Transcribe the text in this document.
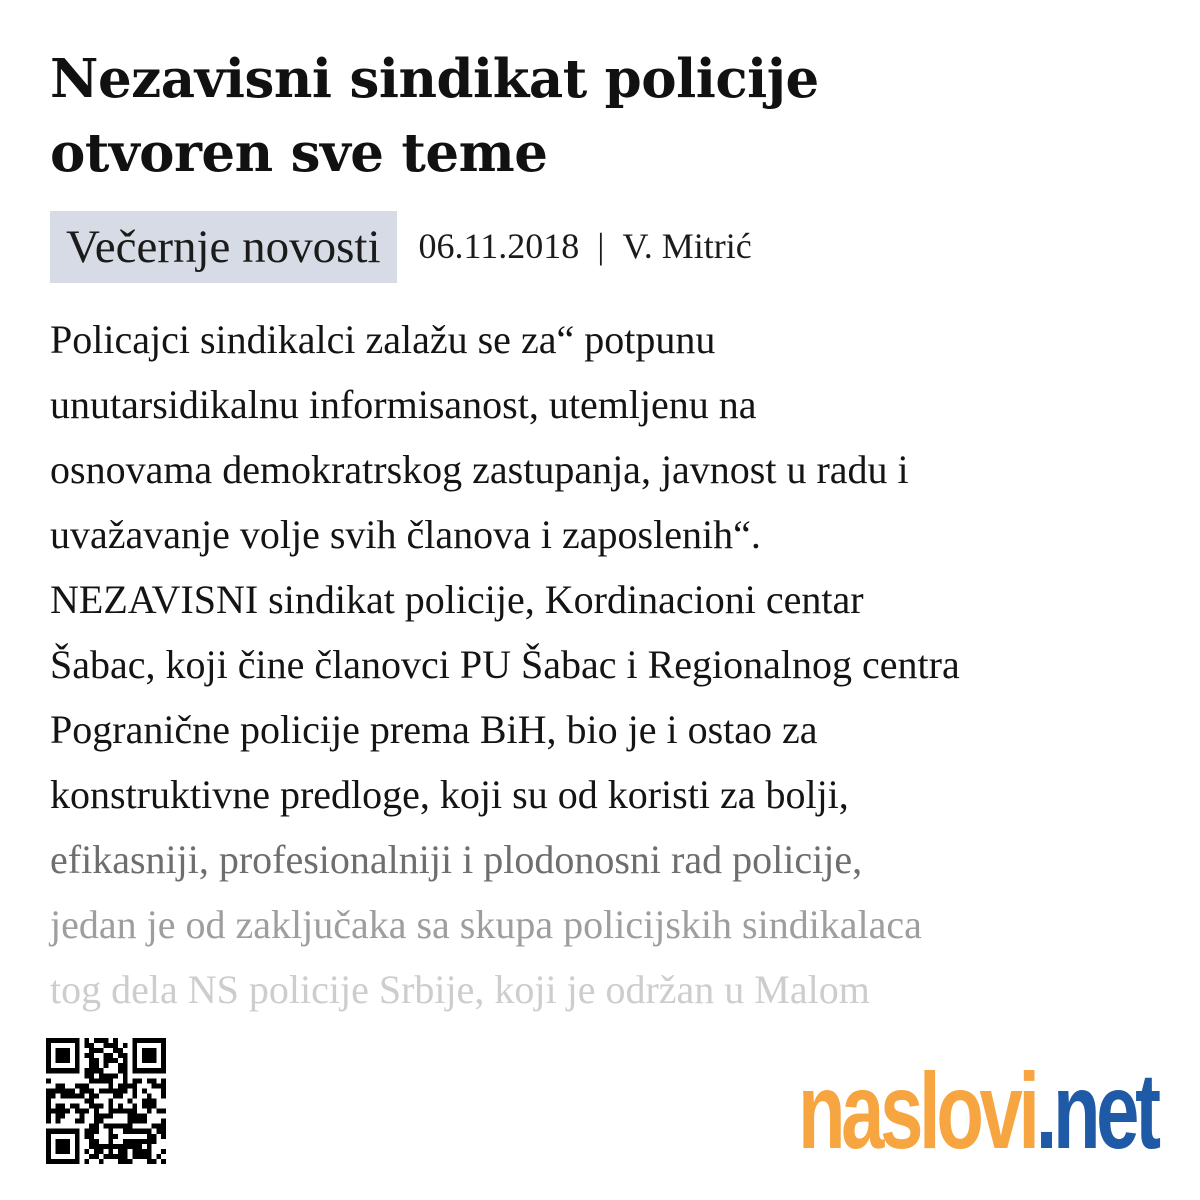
Nezavisni sindikat policije
otvoren sve teme
Večernje novosti	06.11.2018 | V. Mitrić
Policajci sindikalci zalažu se za“ potpunu
unutarsidikalnu informisanost, utemljenu na
osnovama demokratrskog zastupanja, javnost u radu i
uvažavanje volje svih članova i zaposlenih“.
NEZAVISNI sindikat policije, Kordinacioni centar
Šabac, koji čine članovci PU Šabac i Regionalnog centra
Pogranične policije prema BiH, bio je i ostao za
konstruktivne predloge, koji su od koristi za bolji,
efikasniji, profesionalniji i plodonosni rad policije,
jedan je od zaključaka sa skupa policijskih sindikalaca
tog dela NS policije Srbije, koji je održan u Malom
naslovi.net
